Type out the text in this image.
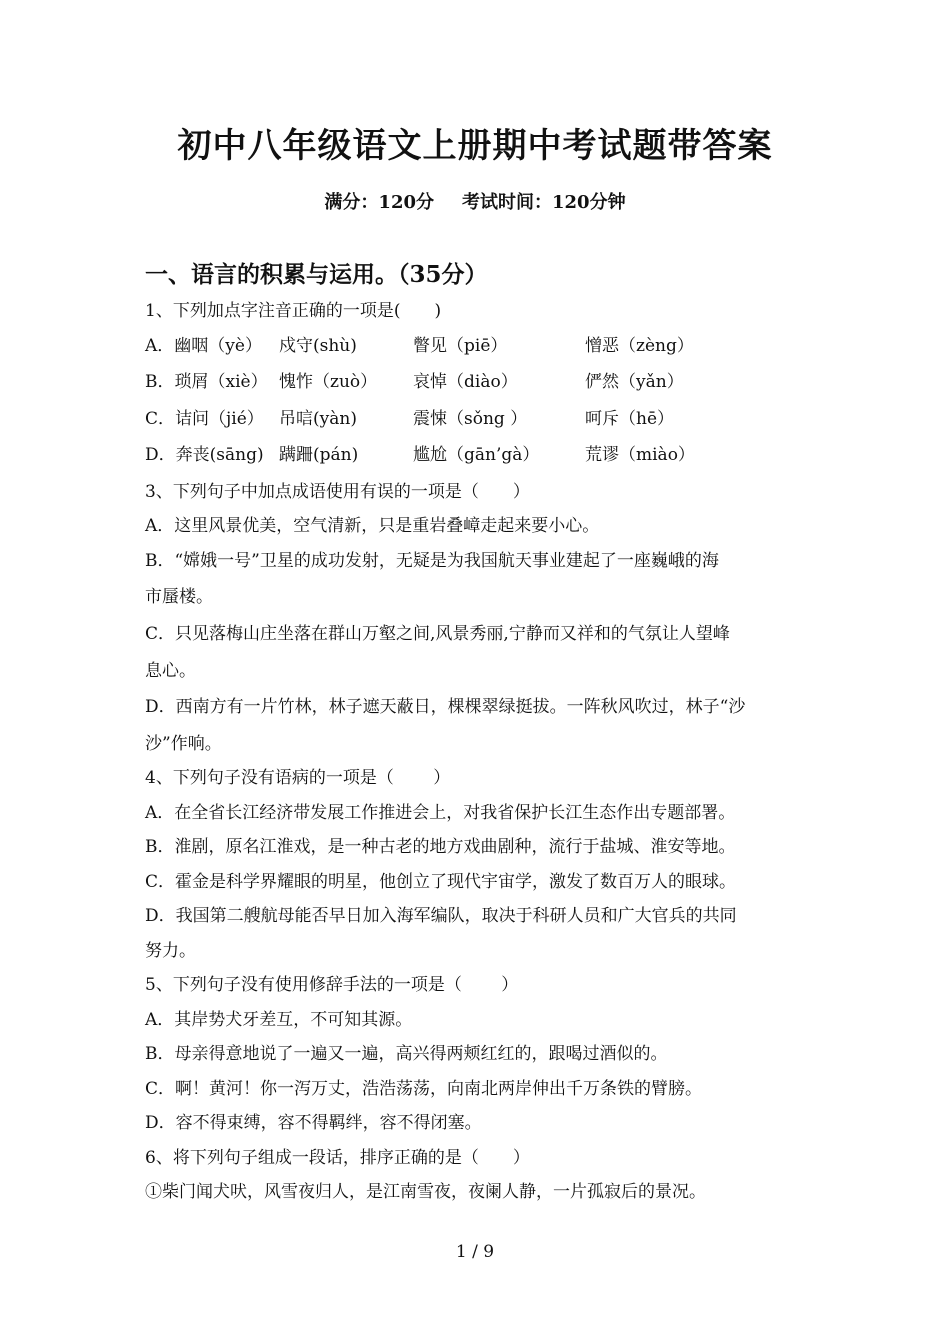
初中八年级语文上册期中考试题带答案
满分：120分 考试时间：120分钟
一、语言的积累与运用。（35分）
1、下列加点字注音正确的一项是(　　)
A．幽咽（yè）	戍守(shù)	瞥见（piē）	憎恶（zèng）
B．琐屑（xiè） 愧怍（zuò）	哀悼（diào）	俨然（yǎn）
C．诘问（jié） 吊唁(yàn)	震悚（sǒng ）	呵斥（hē）
D．奔丧(sāng) 蹒跚(pán)	尴尬（gān’gà）	荒谬（miào）
3、下列句子中加点成语使用有误的一项是（　　）
A．这里风景优美，空气清新，只是重岩叠嶂走起来要小心。
B．“嫦娥一号”卫星的成功发射，无疑是为我国航天事业建起了一座巍峨的海
市蜃楼。
C．只见落梅山庄坐落在群山万壑之间,风景秀丽,宁静而又祥和的气氛让人望峰
息心。
D．西南方有一片竹林，林子遮天蔽日，棵棵翠绿挺拔。一阵秋风吹过，林子“沙
沙”作响。
4、下列句子没有语病的一项是（　　 ）
A．在全省长江经济带发展工作推进会上，对我省保护长江生态作出专题部署。
B．淮剧，原名江淮戏，是一种古老的地方戏曲剧种，流行于盐城、淮安等地。
C．霍金是科学界耀眼的明星，他创立了现代宇宙学，激发了数百万人的眼球。
D．我国第二艘航母能否早日加入海军编队，取决于科研人员和广大官兵的共同
努力。
5、下列句子没有使用修辞手法的一项是（　　 ）
A．其岸势犬牙差互，不可知其源。
B．母亲得意地说了一遍又一遍，高兴得两颊红红的，跟喝过酒似的。
C．啊！黄河！你一泻万丈，浩浩荡荡，向南北两岸伸出千万条铁的臂膀。
D．容不得束缚，容不得羁绊，容不得闭塞。
6、将下列句子组成一段话，排序正确的是（　　）
①柴门闻犬吠，风雪夜归人，是江南雪夜，夜阑人静，一片孤寂后的景况。
1 / 9
